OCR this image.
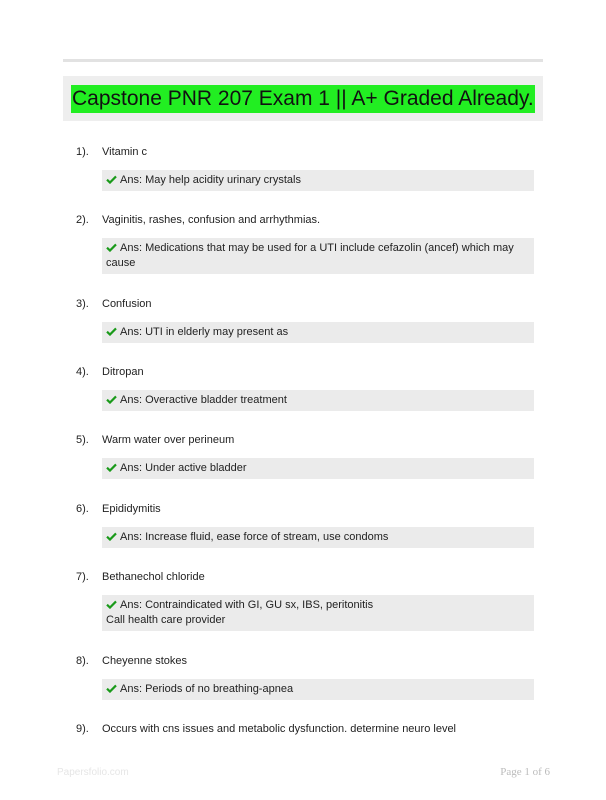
Capstone PNR 207 Exam 1 || A+ Graded Already.
1). Vitamin c
Ans: May help acidity urinary crystals
2). Vaginitis, rashes, confusion and arrhythmias.
Ans: Medications that may be used for a UTI include cefazolin (ancef) which may
cause
3). Confusion
Ans: UTI in elderly may present as
4). Ditropan
Ans: Overactive bladder treatment
5). Warm water over perineum
Ans: Under active bladder
6). Epididymitis
Ans: Increase fluid, ease force of stream, use condoms
7). Bethanechol chloride
Ans: Contraindicated with GI, GU sx, IBS, peritonitis
Call health care provider
8). Cheyenne stokes
Ans: Periods of no breathing-apnea
9). Occurs with cns issues and metabolic dysfunction. determine neuro level
Papersfolio.com	Page 1 of 6
